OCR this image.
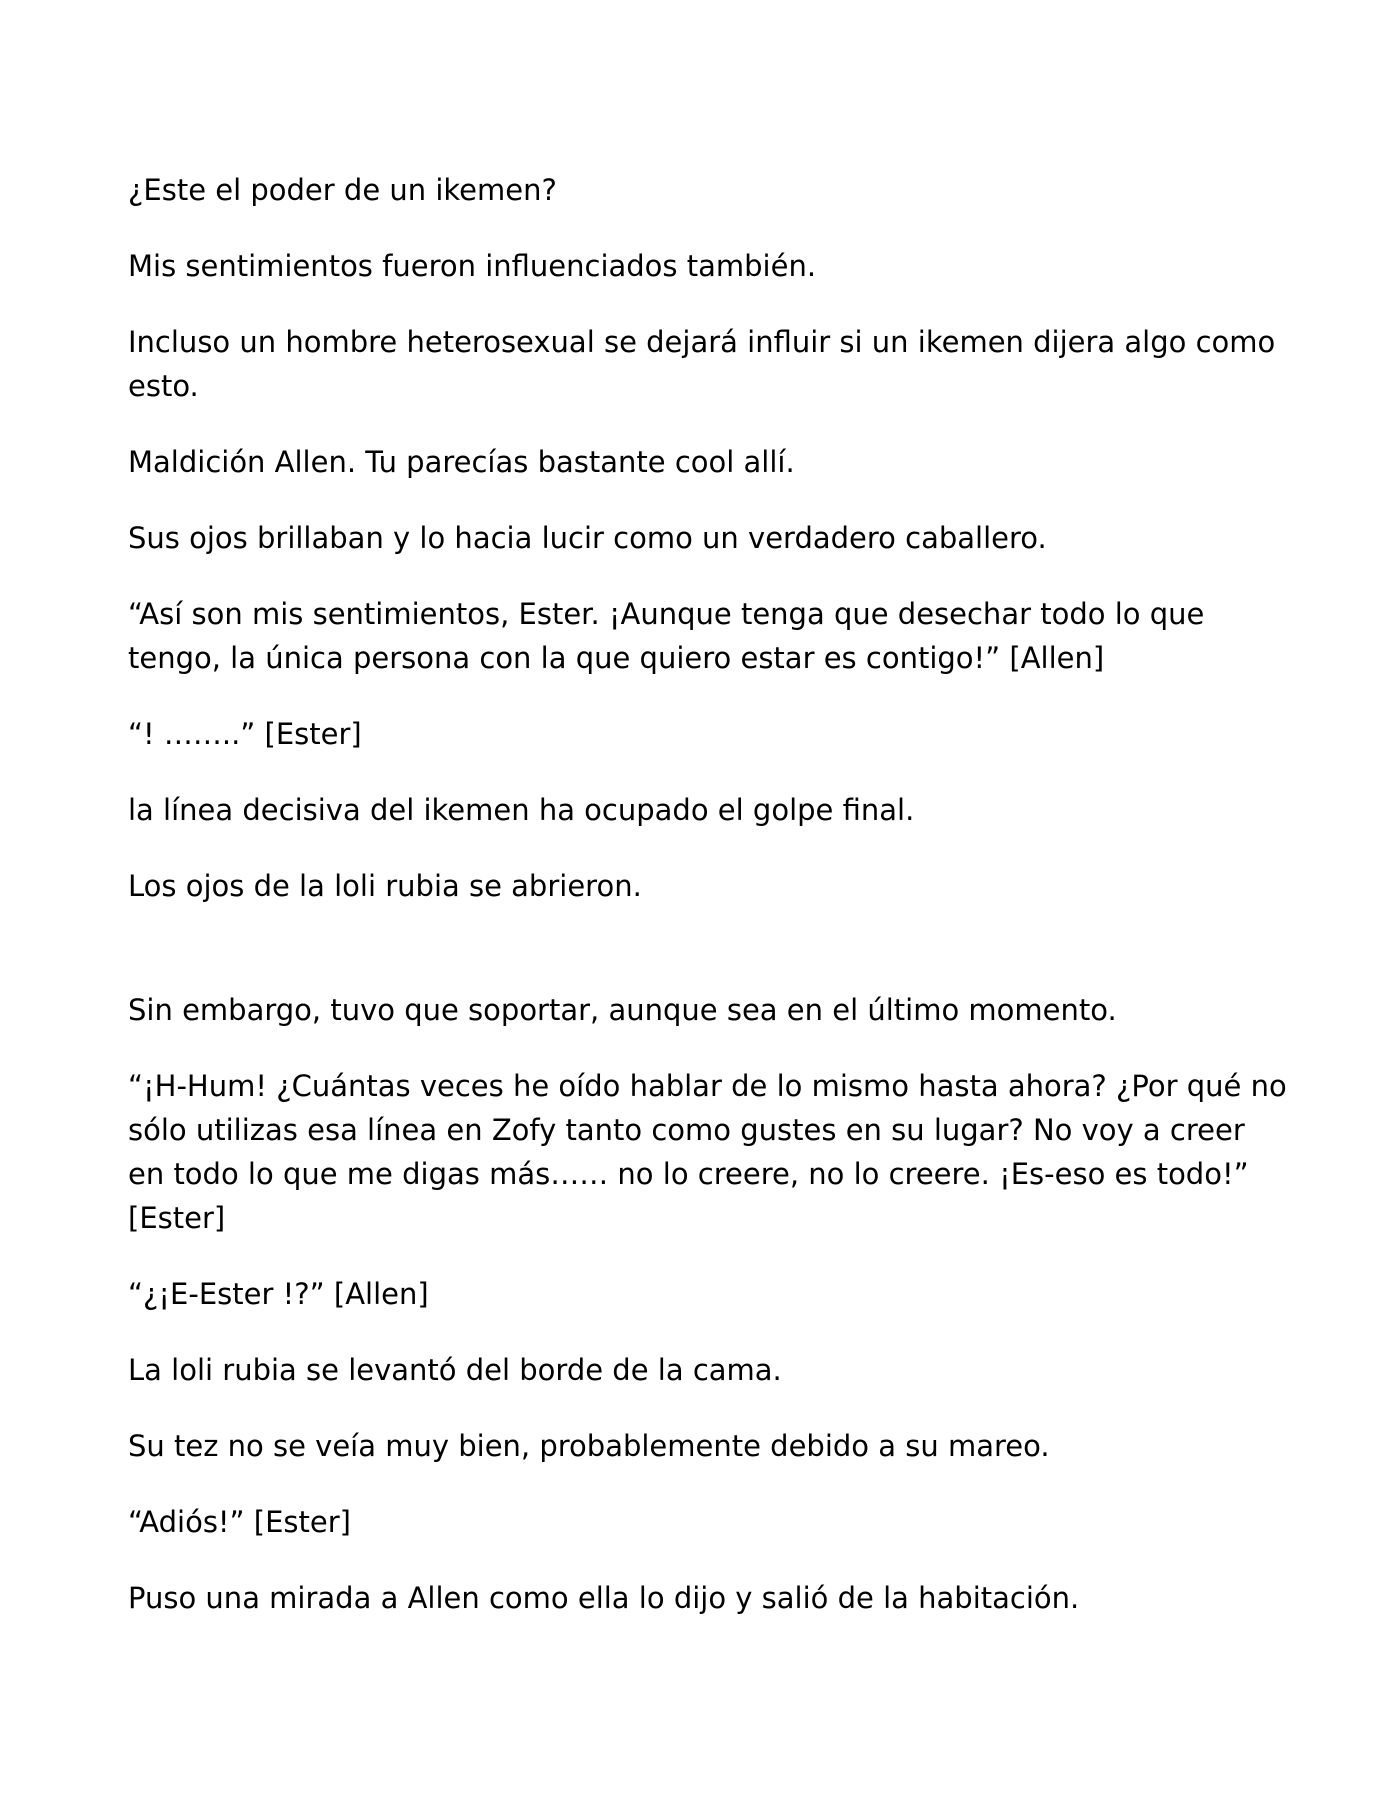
¿Este el poder de un ikemen?

Mis sentimientos fueron influenciados también.

Incluso un hombre heterosexual se dejará influir si un ikemen dijera algo como esto.

Maldición Allen. Tu parecías bastante cool allí.

Sus ojos brillaban y lo hacia lucir como un verdadero caballero.

“Así son mis sentimientos, Ester. ¡Aunque tenga que desechar todo lo que tengo, la única persona con la que quiero estar es contigo!” [Allen]

“! ……..” [Ester]

la línea decisiva del ikemen ha ocupado el golpe final.

Los ojos de la loli rubia se abrieron.

Sin embargo, tuvo que soportar, aunque sea en el último momento.

“¡H-Hum! ¿Cuántas veces he oído hablar de lo mismo hasta ahora? ¿Por qué no sólo utilizas esa línea en Zofy tanto como gustes en su lugar? No voy a creer en todo lo que me digas más…… no lo creere, no lo creere. ¡Es-eso es todo!” [Ester]

“¿¡E-Ester !?” [Allen]

La loli rubia se levantó del borde de la cama.

Su tez no se veía muy bien, probablemente debido a su mareo.

“Adiós!” [Ester]

Puso una mirada a Allen como ella lo dijo y salió de la habitación.
